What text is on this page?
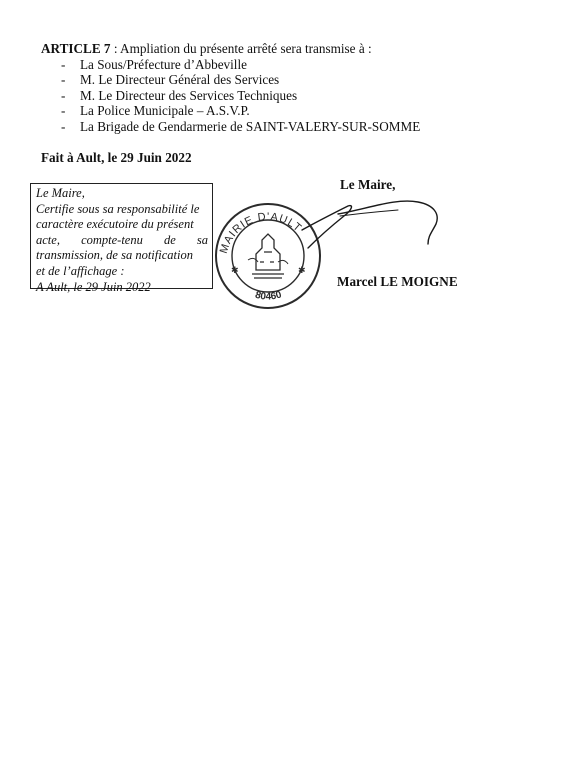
ARTICLE 7 : Ampliation du présente arrêté sera transmise à :
- La Sous/Préfecture d’Abbeville
- M. Le Directeur Général des Services
- M. Le Directeur des Services Techniques
- La Police Municipale – A.S.V.P.
- La Brigade de Gendarmerie de SAINT-VALERY-SUR-SOMME
Fait à Ault, le 29 Juin 2022
Le Maire,
Certifie sous sa responsabilité le
caractère exécutoire du présent
acte, compte-tenu de sa
transmission, de sa notification
et de l’affichage :
A Ault, le 29 Juin 2022
Le Maire,
MAIRIE D'AULT
80460
✱	✱
Marcel LE MOIGNE
